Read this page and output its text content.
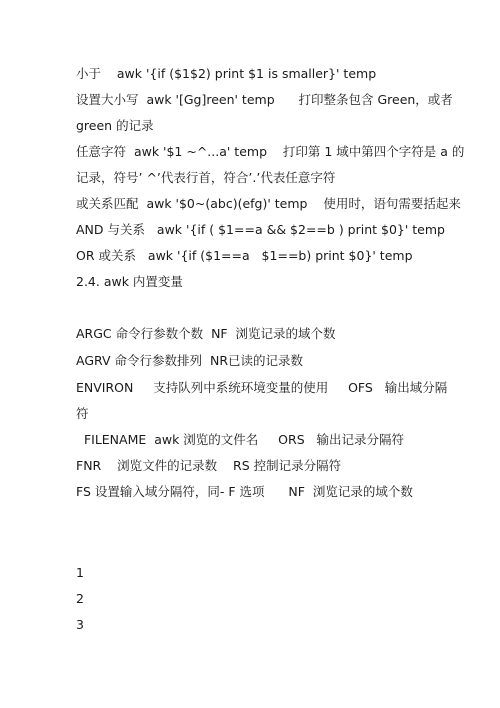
小于    awk '{if ($1$2) print $1 is smaller}' temp
设置大小写  awk '[Gg]reen' temp      打印整条包含 Green，或者
green 的记录
任意字符  awk '$1 ~^...a' temp    打印第 1 域中第四个字符是 a 的
记录，符号’ ^’代表行首，符合’.’代表任意字符
或关系匹配  awk '$0~(abc)(efg)' temp    使用时，语句需要括起来
AND 与关系   awk '{if ( $1==a && $2==b ) print $0}' temp
OR 或关系   awk '{if ($1==a   $1==b) print $0}' temp
2.4. awk 内置变量
ARGC 命令行参数个数  NF  浏览记录的域个数
AGRV 命令行参数排列  NR已读的记录数
ENVIRON     支持队列中系统环境变量的使用     OFS   输出域分隔
符
FILENAME  awk 浏览的文件名     ORS   输出记录分隔符
FNR    浏览文件的记录数    RS 控制记录分隔符
FS 设置输入域分隔符，同- F 选项      NF  浏览记录的域个数
1
2
3
